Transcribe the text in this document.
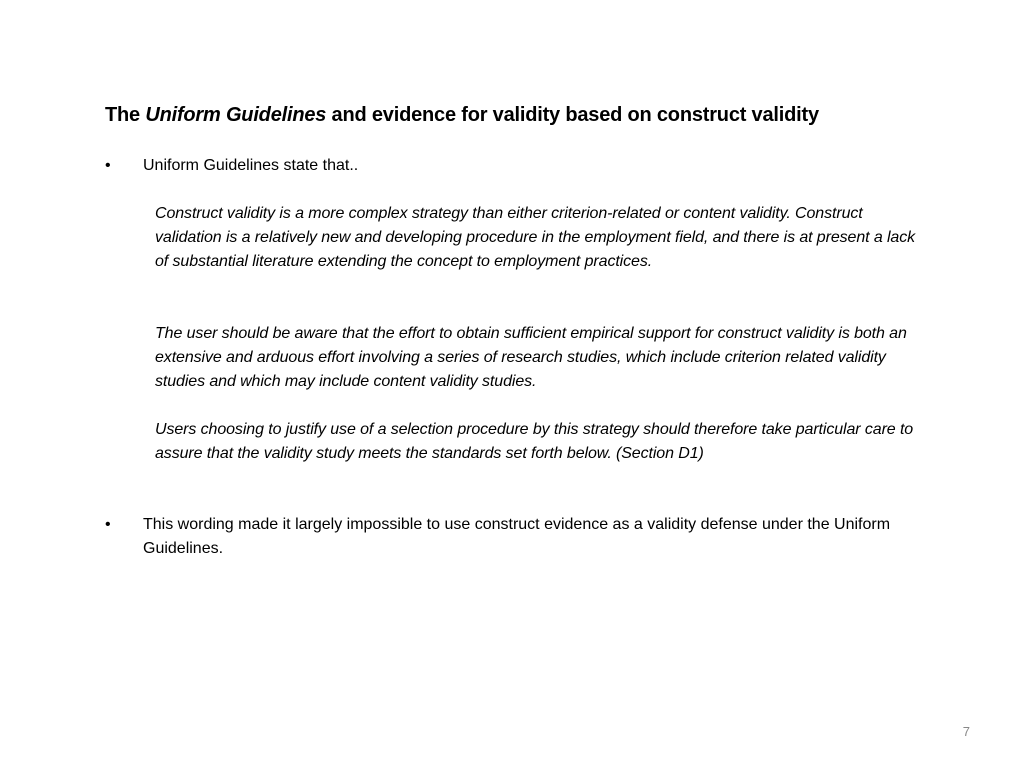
The Uniform Guidelines and evidence for validity based on construct validity
•	Uniform Guidelines state that..
Construct validity is a more complex strategy than either criterion-related or content validity. Construct validation is a relatively new and developing procedure in the employment field, and there is at present a lack of substantial literature extending the concept to employment practices.
The user should be aware that the effort to obtain sufficient empirical support for construct validity is both an extensive and arduous effort involving a series of research studies, which include criterion related validity studies and which may include content validity studies.
Users choosing to justify use of a selection procedure by this strategy should therefore take particular care to assure that the validity study meets the standards set forth below. (Section D1)
•	This wording made it largely impossible to use construct evidence as a validity defense under the Uniform Guidelines.
7
